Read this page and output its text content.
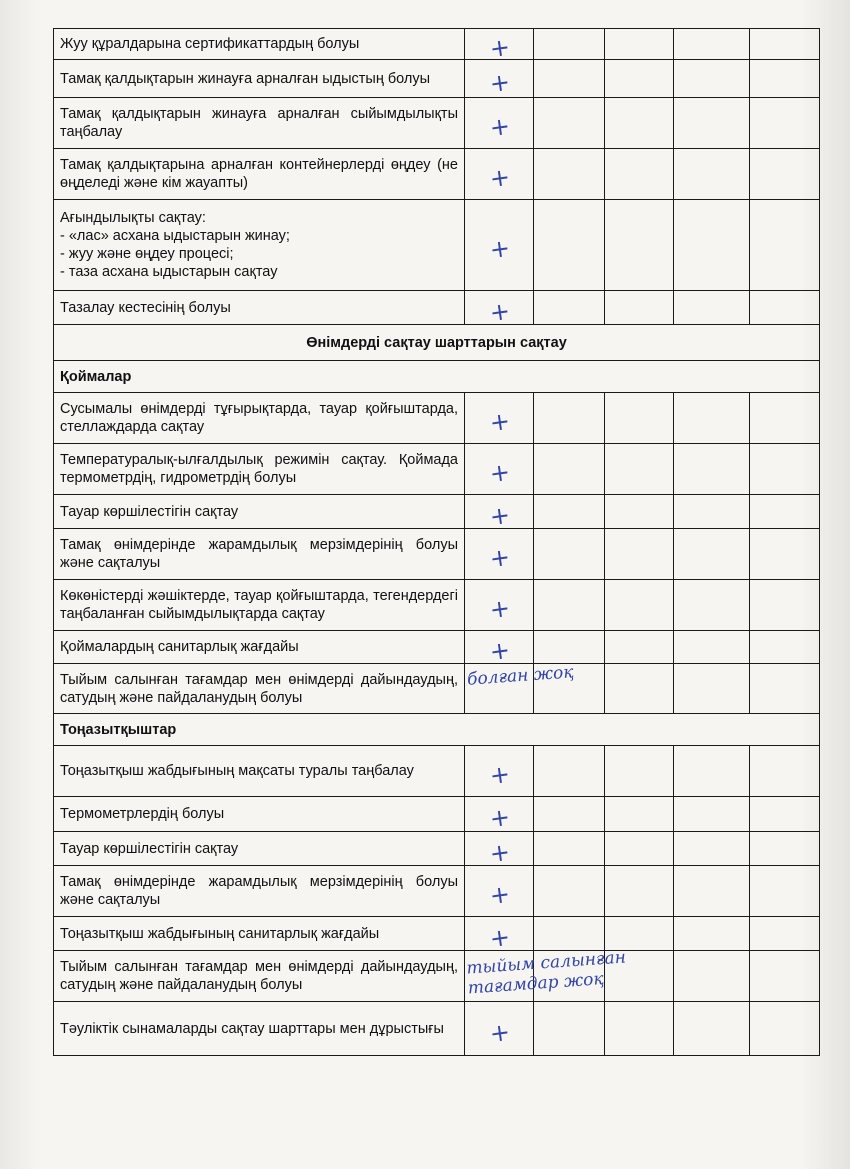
Жуу құралдарына сертификаттардың болуы	+				
Тамақ қалдықтарын жинауға арналған ыдыстың болуы	+				
Тамақ қалдықтарын жинауға арналған сыйымдылықты таңбалау	+				
Тамақ қалдықтарына арналған контейнерлерді өңдеу (не өңделеді және кім жауапты)	+				
Ағындылықты сақтау:
- «лас» асхана ыдыстарын жинау;
- жуу және өңдеу процесі;
- таза асхана ыдыстарын сақтау	+				
Тазалау кестесінің болуы	+				
Өнімдерді сақтау шарттарын сақтау					
Қоймалар					
Сусымалы өнімдерді тұғырықтарда, тауар қойғыштарда, стеллаждарда сақтау	+				
Температуралық-ылғалдылық режимін сақтау. Қоймада термометрдің, гидрометрдің болуы	+				
Тауар көршілестігін сақтау	+				
Тамақ өнімдерінде жарамдылық мерзімдерінің болуы және сақталуы	+				
Көкөністерді жәшіктерде, тауар қойғыштарда, тегендердегі таңбаланған сыйымдылықтарда сақтау	+				
Қоймалардың санитарлық жағдайы	+				
Тыйым салынған тағамдар мен өнімдерді дайындаудың, сатудың және пайдаланудың болуы	болған жоқ				

Тоңазытқыштар					
Тоңазытқыш жабдығының мақсаты туралы таңбалау	+				
Термометрлердің болуы	+				
Тауар көршілестігін сақтау	+				
Тамақ өнімдерінде жарамдылық мерзімдерінің болуы және сақталуы	+				
Тоңазытқыш жабдығының санитарлық жағдайы	+				
Тыйым салынған тағамдар мен өнімдерді дайындаудың, сатудың және пайдаланудың болуы	тыйым салынған
тағамдар жоқ				

Тәуліктік сынамаларды сақтау шарттары мен дұрыстығы	+				
